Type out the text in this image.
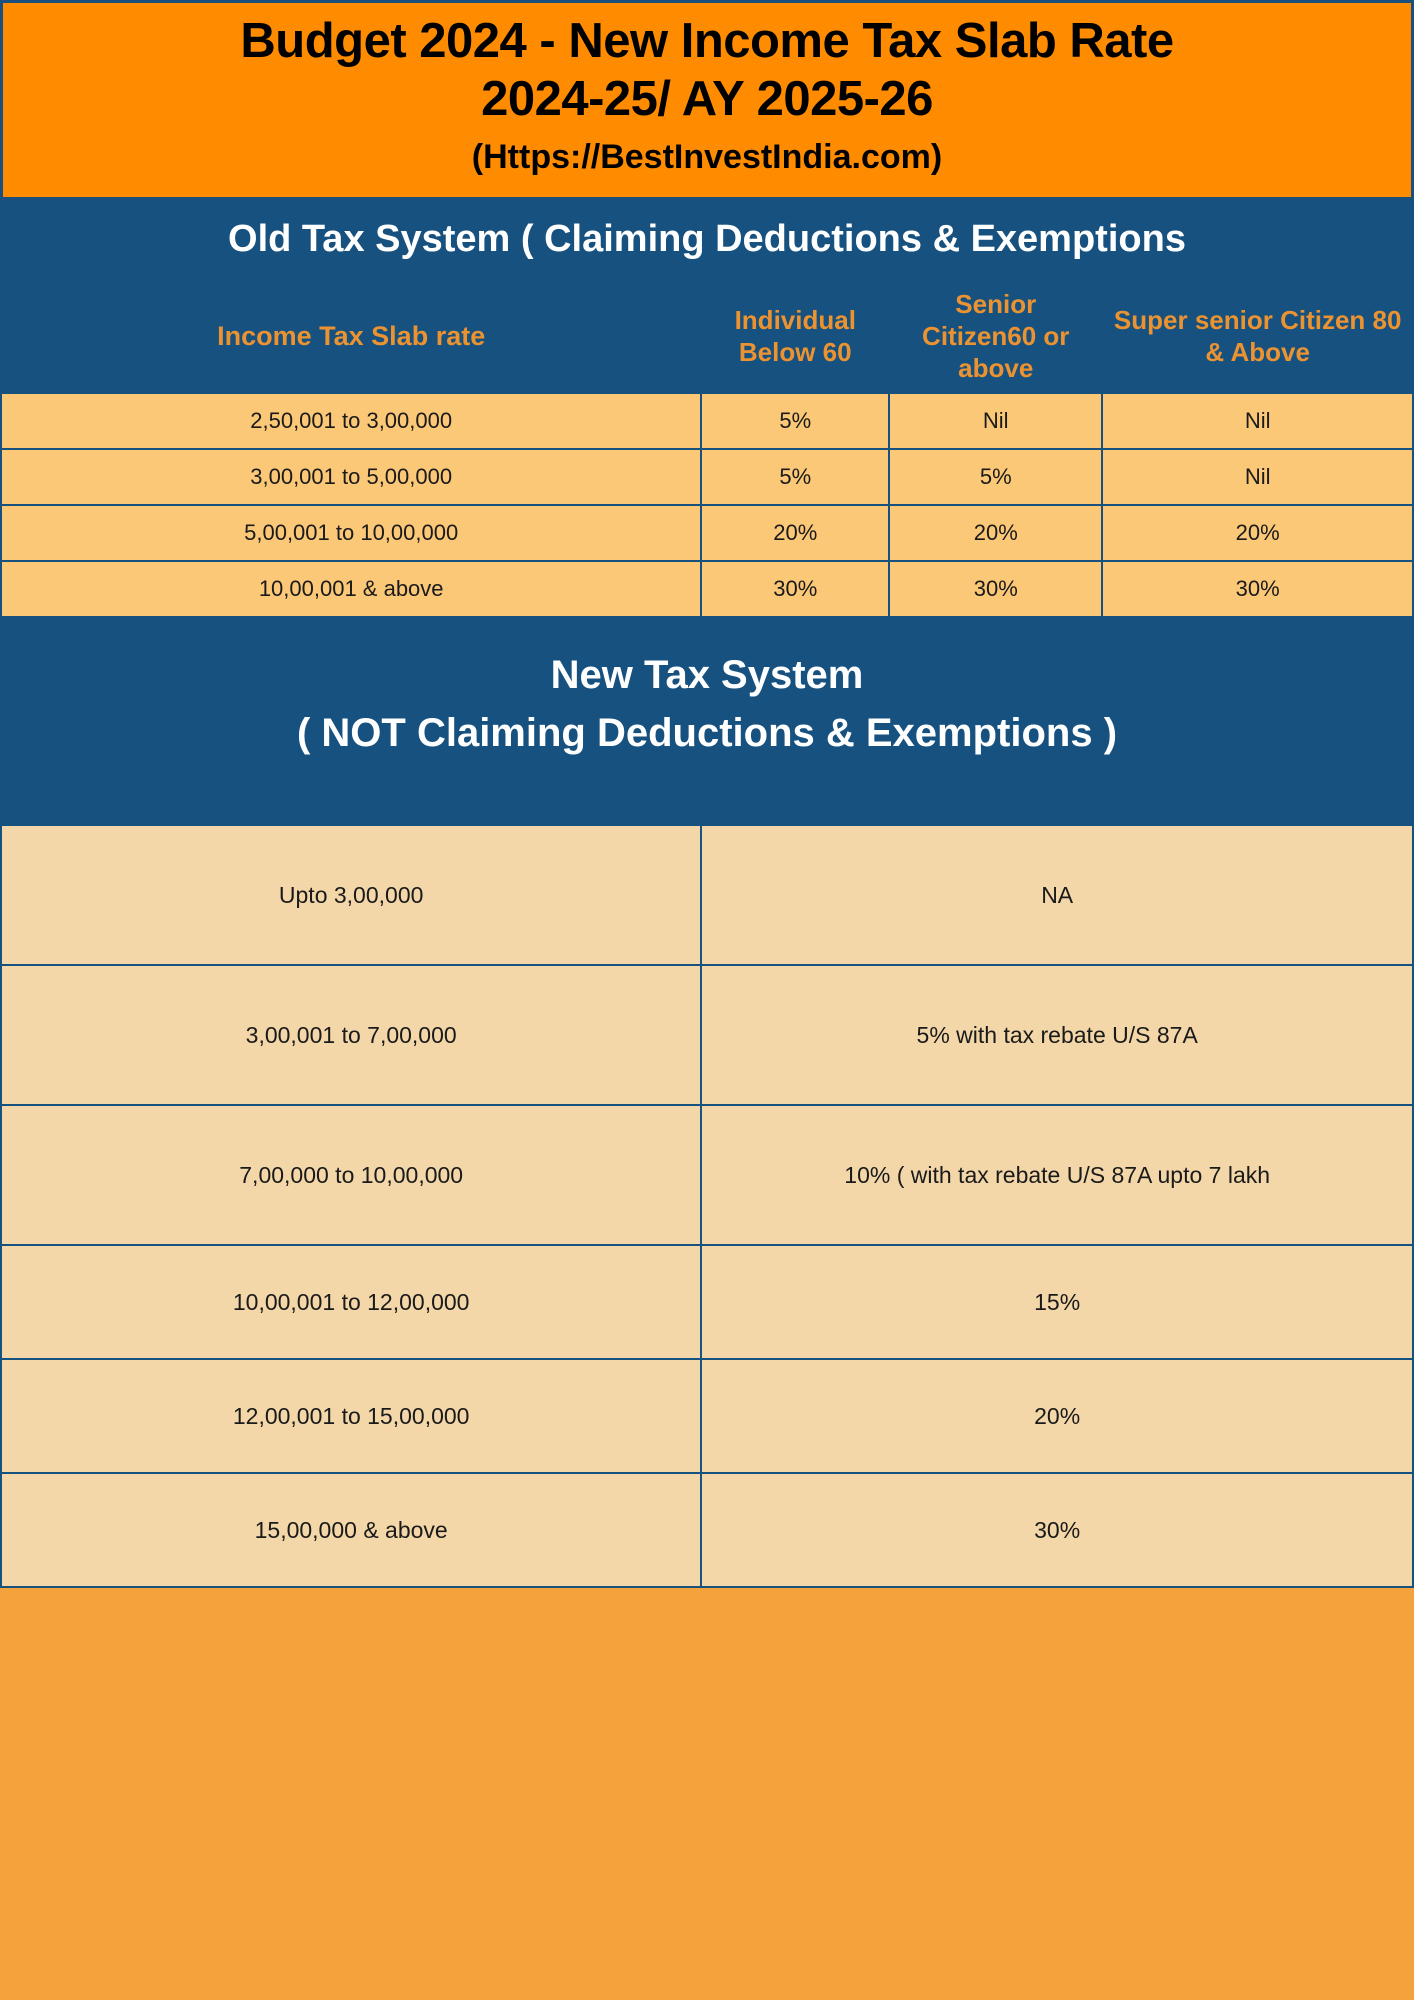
Budget 2024 - New Income Tax Slab Rate
2024-25/ AY 2025-26
(Https://BestInvestIndia.com)
Old Tax System ( Claiming Deductions & Exemptions
Income Tax Slab rate	Individual Below 60	Senior Citizen60 or above	Super senior Citizen 80 & Above
2,50,001 to 3,00,000	5%	Nil	Nil
3,00,001 to 5,00,000	5%	5%	Nil
5,00,001 to 10,00,000	20%	20%	20%
10,00,001 & above	30%	30%	30%
New Tax System
( NOT Claiming Deductions & Exemptions )
Upto 3,00,000	NA
3,00,001 to 7,00,000	5% with tax rebate U/S 87A
7,00,000 to 10,00,000	10% ( with tax rebate U/S 87A upto 7 lakh
10,00,001 to 12,00,000	15%
12,00,001 to 15,00,000	20%
15,00,000 & above	30%
